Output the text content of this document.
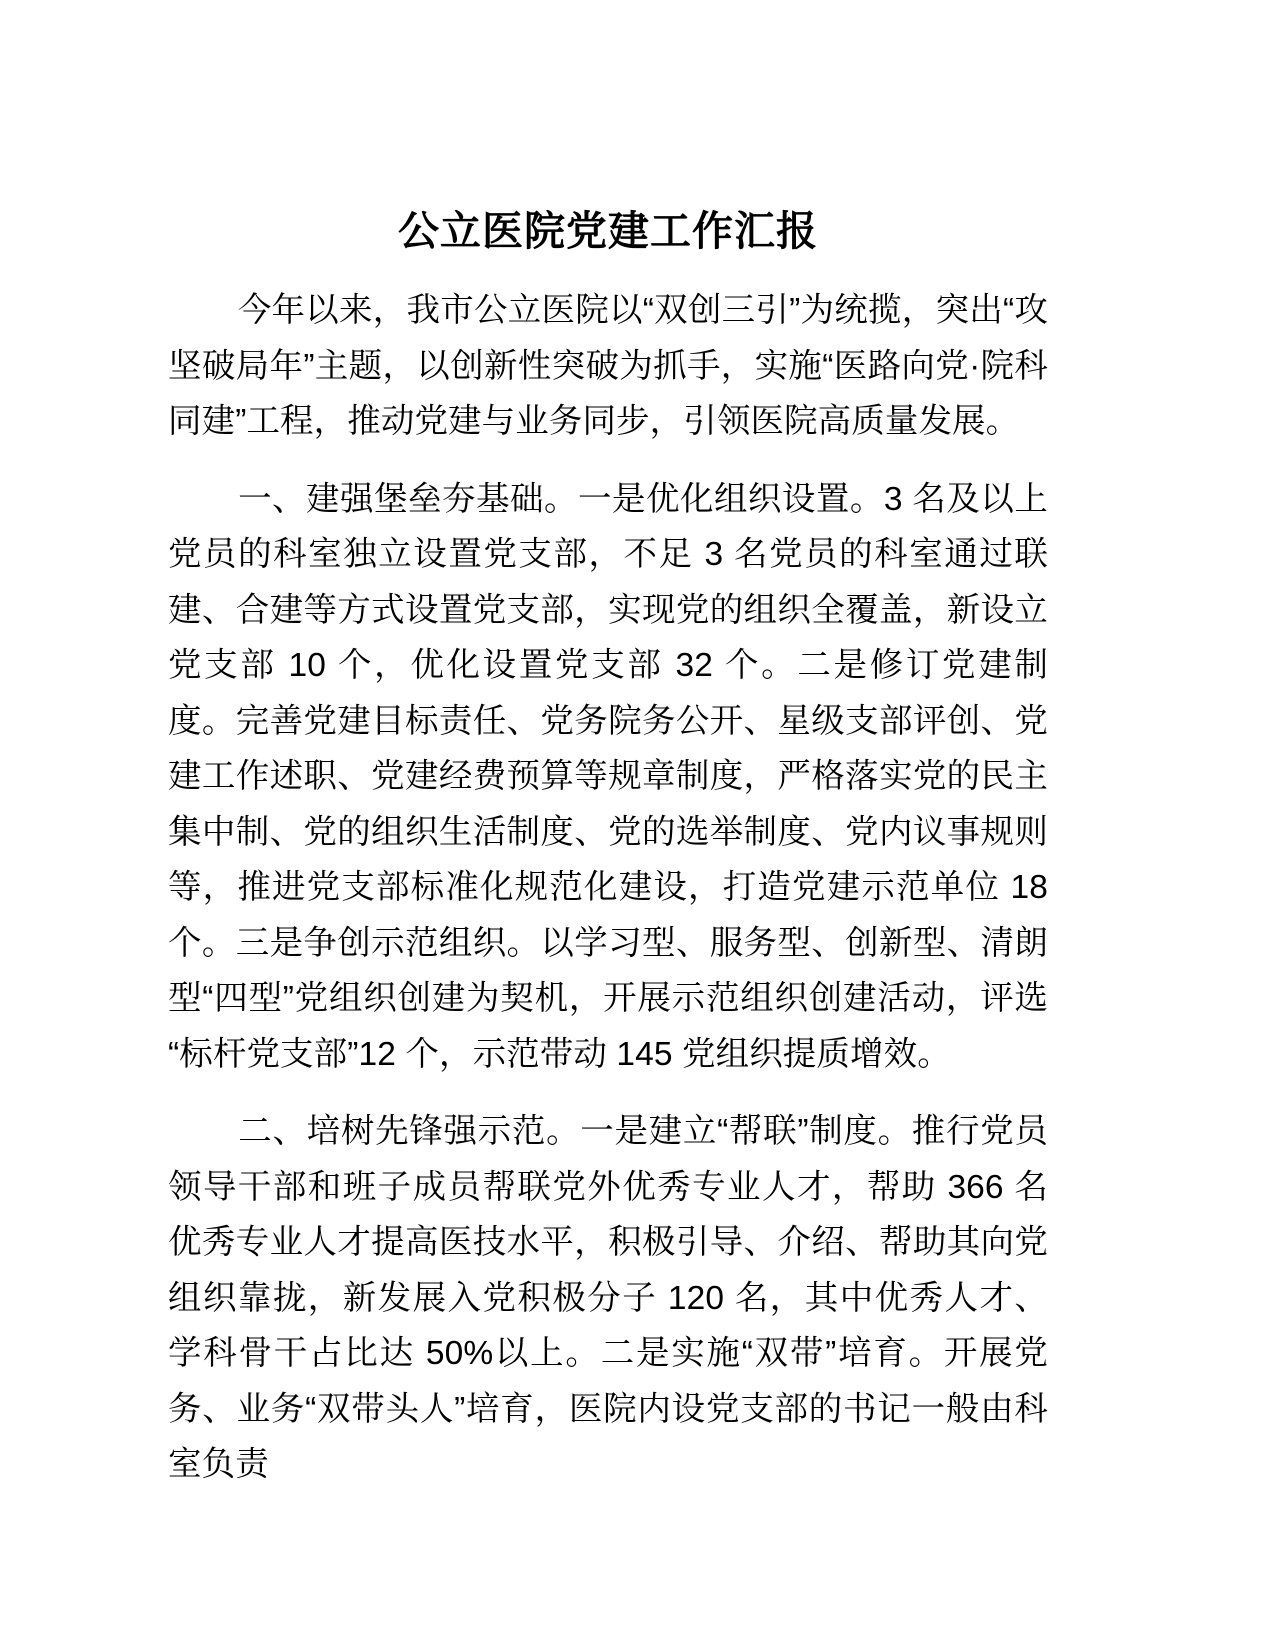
公立医院党建工作汇报

今年以来，我市公立医院以“双创三引”为统揽，突出“攻坚破局年”主题，以创新性突破为抓手，实施“医路向党·院科同建”工程，推动党建与业务同步，引领医院高质量发展。

一、建强堡垒夯基础。一是优化组织设置。3 名及以上党员的科室独立设置党支部，不足 3 名党员的科室通过联建、合建等方式设置党支部，实现党的组织全覆盖，新设立党支部 10 个，优化设置党支部 32 个。二是修订党建制度。完善党建目标责任、党务院务公开、星级支部评创、党建工作述职、党建经费预算等规章制度，严格落实党的民主集中制、党的组织生活制度、党的选举制度、党内议事规则等，推进党支部标准化规范化建设，打造党建示范单位 18 个。三是争创示范组织。以学习型、服务型、创新型、清朗型“四型”党组织创建为契机，开展示范组织创建活动，评选“标杆党支部”12 个，示范带动 145 党组织提质增效。

二、培树先锋强示范。一是建立“帮联”制度。推行党员领导干部和班子成员帮联党外优秀专业人才，帮助 366 名优秀专业人才提高医技水平，积极引导、介绍、帮助其向党组织靠拢，新发展入党积极分子 120 名，其中优秀人才、学科骨干占比达 50%以上。二是实施“双带”培育。开展党务、业务“双带头人”培育，医院内设党支部的书记一般由科室负责
